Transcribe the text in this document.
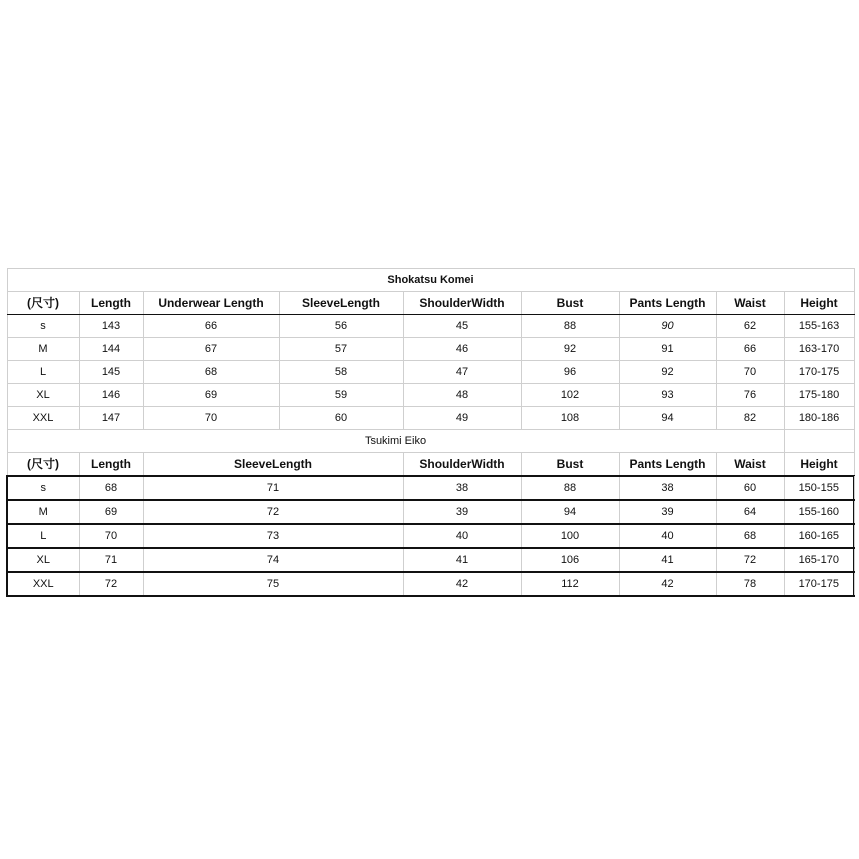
Shokatsu Komei									
(尺寸)	Length	Underwear Length	SleeveLength	ShoulderWidth	Bust	Pants Length	Waist	Height	
s	143	66	56	45	88	90	62	155-163	
M	144	67	57	46	92	91	66	163-170	
L	145	68	58	47	96	92	70	170-175	
XL	146	69	59	48	102	93	76	175-180	
XXL	147	70	60	49	108	94	82	180-186	
Tsukimi Eiko									
(尺寸)	Length	SleeveLength		ShoulderWidth	Bust	Pants Length	Waist	Height	
s	68	71		38	88	38	60	150-155	
M	69	72		39	94	39	64	155-160	
L	70	73		40	100	40	68	160-165	
XL	71	74		41	106	41	72	165-170	
XXL	72	75		42	112	42	78	170-175	
